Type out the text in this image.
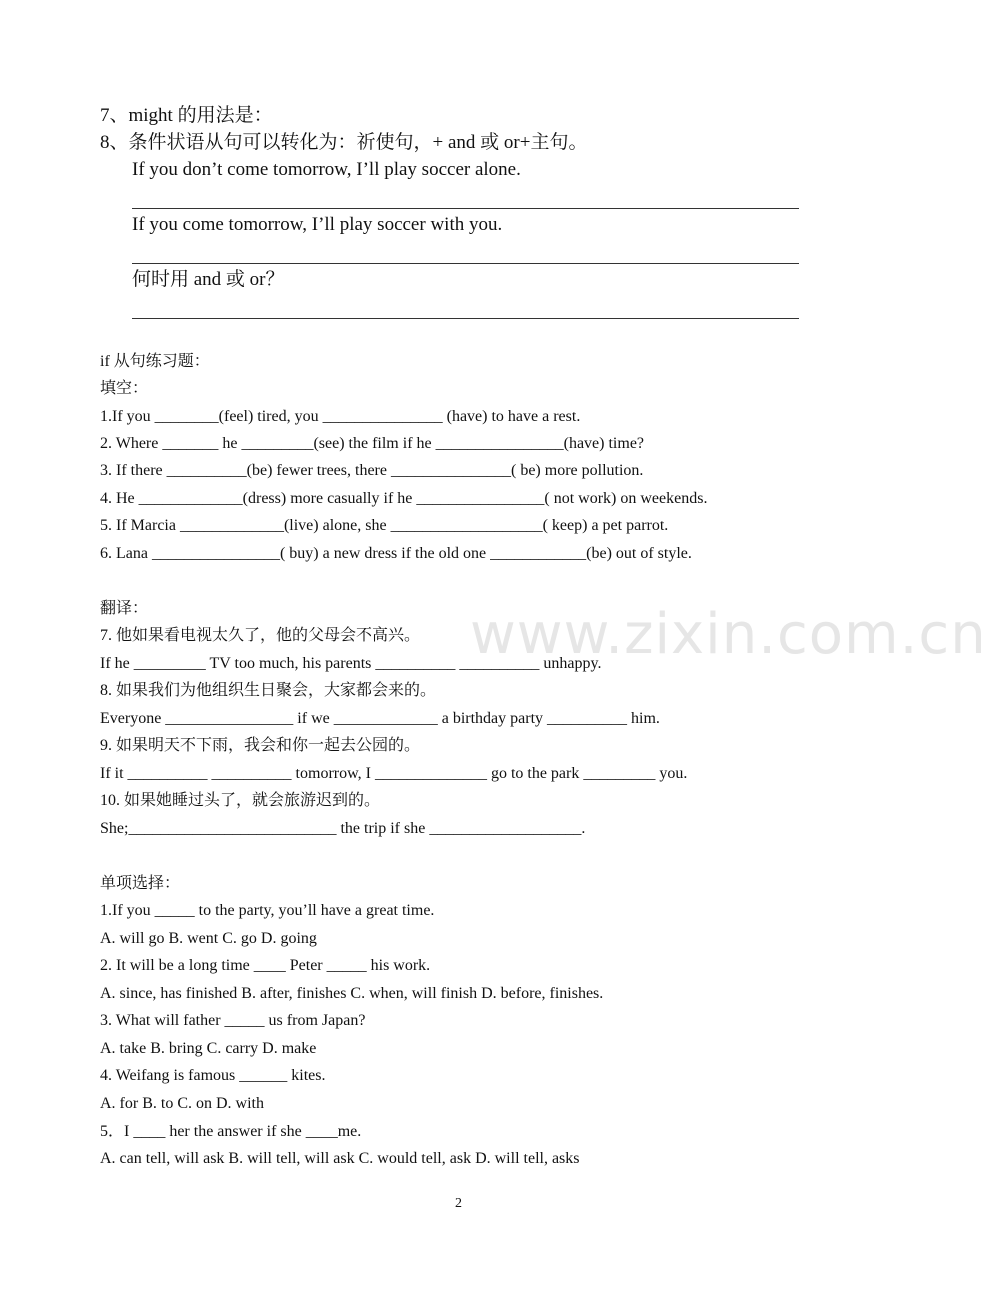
www.zixin.com.cn
7、might 的用法是：
8、条件状语从句可以转化为：祈使句，+ and 或 or+主句。
If you don’t come tomorrow, I’ll play soccer alone.
If you come tomorrow, I’ll play soccer with you.
何时用 and 或 or？
if 从句练习题：
填空：
1.If you ________(feel) tired, you _______________ (have) to have a rest.
2. Where _______ he _________(see) the film if he ________________(have) time?
3. If there __________(be) fewer trees, there _______________( be) more pollution.
4. He _____________(dress) more casually if he ________________( not work) on weekends.
5. If Marcia _____________(live) alone, she ___________________( keep) a pet parrot.
6. Lana ________________( buy) a new dress if the old one ____________(be) out of style.
翻译：
7. 他如果看电视太久了，他的父母会不高兴。
If he _________ TV too much, his parents __________ __________ unhappy.
8. 如果我们为他组织生日聚会，大家都会来的。
Everyone ________________ if we _____________ a birthday party __________ him.
9. 如果明天不下雨，我会和你一起去公园的。
If it __________ __________ tomorrow, I ______________ go to the park _________ you.
10. 如果她睡过头了，就会旅游迟到的。
She;__________________________ the trip if she ___________________.
单项选择：
1.If you _____ to the party, you’ll have a great time.
A. will go B. went C. go D. going
2. It will be a long time ____ Peter _____ his work.
A. since, has finished B. after, finishes C. when, will finish D. before, finishes.
3. What will father _____ us from Japan?
A. take B. bring C. carry D. make
4. Weifang is famous ______ kites.
A. for B. to C. on D. with
5．I ____ her the answer if she ____me.
A. can tell, will ask B. will tell, will ask C. would tell, ask D. will tell, asks
2
